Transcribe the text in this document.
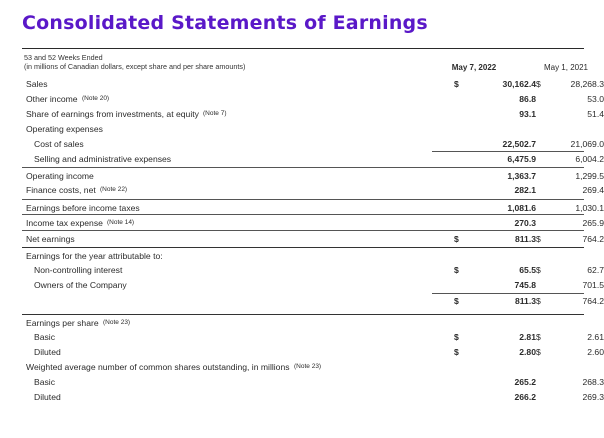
Consolidated Statements of Earnings
53 and 52 Weeks Ended
(in millions of Canadian dollars, except share and per share amounts)	May 7, 2022	May 1, 2021
Sales	$	30,162.4 $	28,268.3
Other income (Note 20)	86.8	53.0
Share of earnings from investments, at equity (Note 7)	93.1	51.4
Operating expenses
Cost of sales	22,502.7	21,069.0
Selling and administrative expenses	6,475.9	6,004.2
Operating income	1,363.7	1,299.5
Finance costs, net (Note 22)	282.1	269.4
Earnings before income taxes	1,081.6	1,030.1
Income tax expense (Note 14)	270.3	265.9
Net earnings	$	811.3 $	764.2
Earnings for the year attributable to:
Non-controlling interest	$	65.5 $	62.7
Owners of the Company	745.8	701.5
$	811.3 $	764.2
Earnings per share (Note 23)
Basic	$	2.81 $	2.61
Diluted	$	2.80 $	2.60
Weighted average number of common shares outstanding, in millions (Note 23)
Basic	265.2	268.3
Diluted	266.2	269.3
